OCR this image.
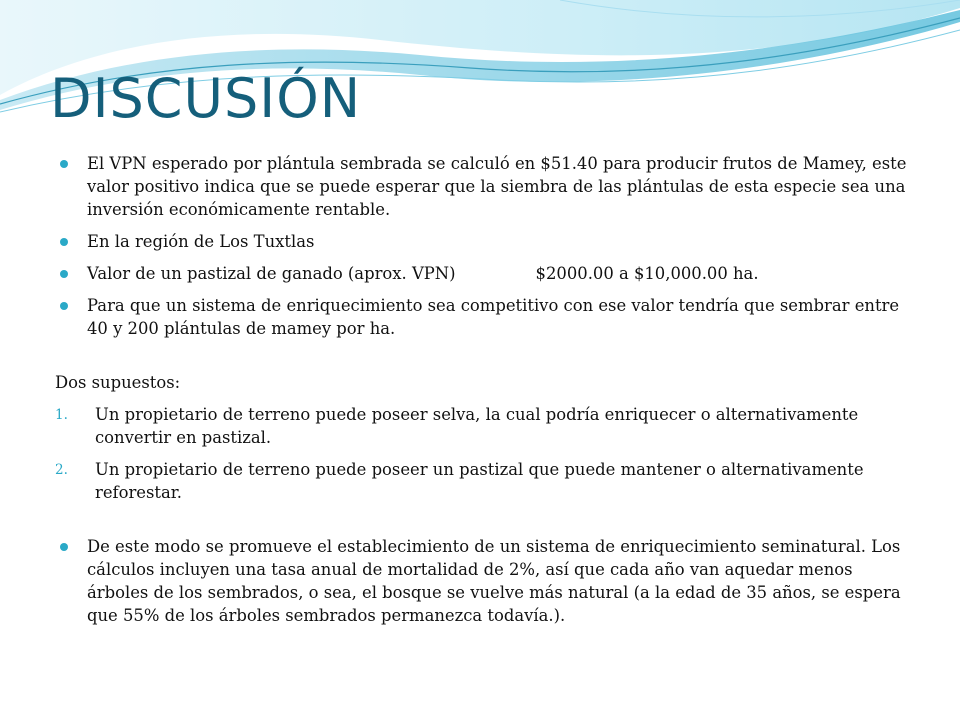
DISCUSIÓN

El VPN esperado por plántula sembrada se calculó en $51.40 para producir frutos de Mamey, este valor positivo indica que se puede esperar que la siembra de las plántulas de esta especie sea una inversión económicamente rentable.

En la región de Los Tuxtlas

Valor de un pastizal de ganado (aprox. VPN)	$2000.00 a $10,000.00 ha.

Para que un sistema de enriquecimiento sea competitivo con ese valor tendría que sembrar entre 40 y 200 plántulas de mamey por ha.

Dos supuestos:

1. Un propietario de terreno puede poseer selva, la cual podría enriquecer o alternativamente convertir en pastizal.

2. Un propietario de terreno puede poseer un pastizal que puede mantener o alternativamente reforestar.

De este modo se promueve el establecimiento de un sistema de enriquecimiento seminatural. Los cálculos incluyen una tasa anual de mortalidad de 2%, así que cada año van aquedar menos árboles de los sembrados, o sea, el bosque se vuelve más natural (a la edad de 35 años, se espera que 55% de los árboles sembrados permanezca todavía.).
